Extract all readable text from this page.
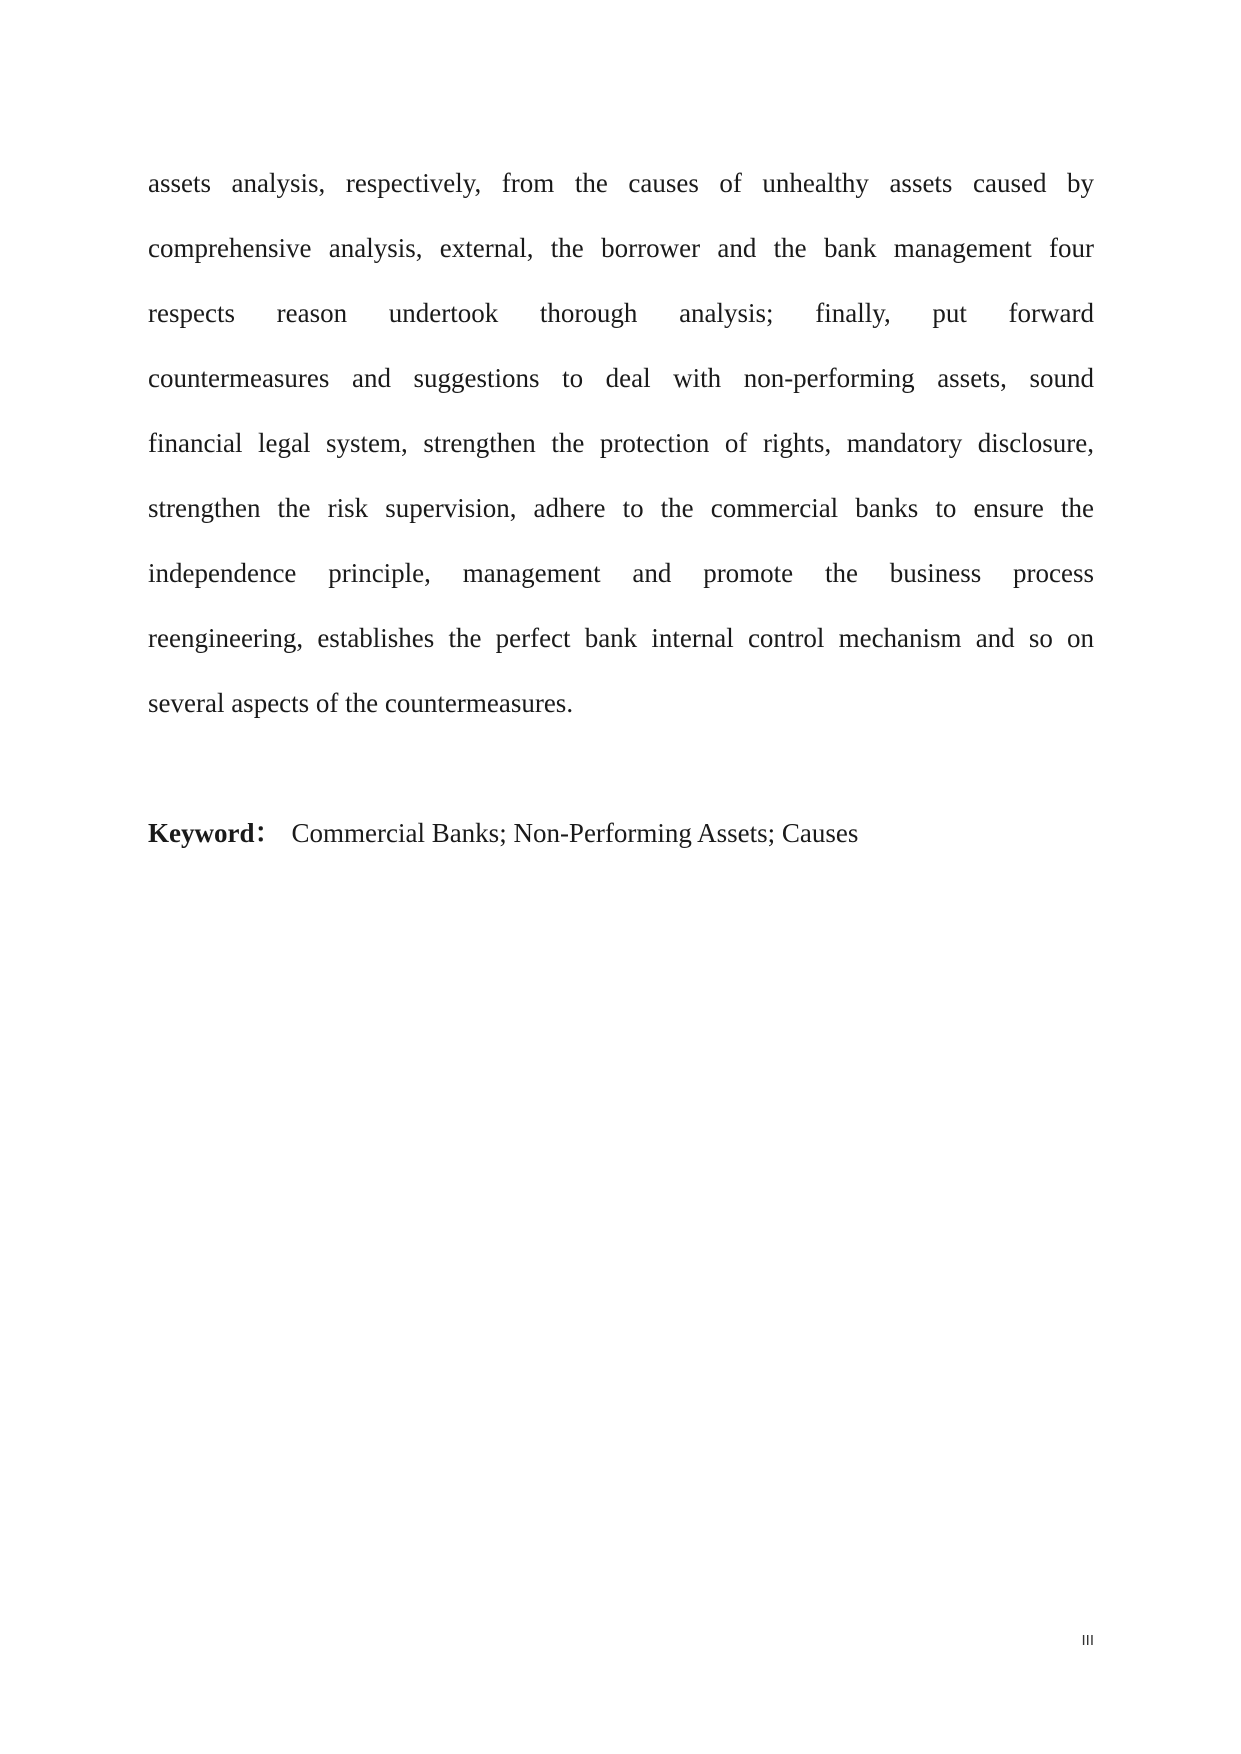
assets analysis, respectively, from the causes of unhealthy assets caused by
comprehensive analysis, external, the borrower and the bank management four
respects reason undertook thorough analysis; finally, put forward
countermeasures and suggestions to deal with non-performing assets, sound
financial legal system, strengthen the protection of rights, mandatory disclosure,
strengthen the risk supervision, adhere to the commercial banks to ensure the
independence principle, management and promote the business process
reengineering, establishes the perfect bank internal control mechanism and so on
several aspects of the countermeasures.
Keyword： Commercial Banks; Non-Performing Assets; Causes
III
